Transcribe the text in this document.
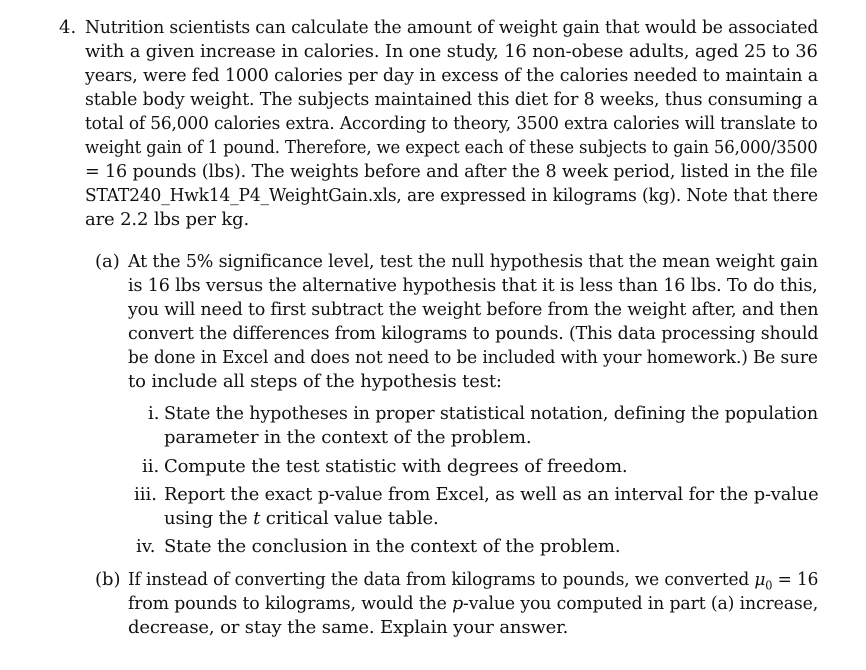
4. Nutrition scientists can calculate the amount of weight gain that would be associated
with a given increase in calories. In one study, 16 non-obese adults, aged 25 to 36
years, were fed 1000 calories per day in excess of the calories needed to maintain a
stable body weight. The subjects maintained this diet for 8 weeks, thus consuming a
total of 56,000 calories extra. According to theory, 3500 extra calories will translate to
weight gain of 1 pound. Therefore, we expect each of these subjects to gain 56,000/3500
= 16 pounds (lbs). The weights before and after the 8 week period, listed in the file
STAT240_Hwk14_P4_WeightGain.xls, are expressed in kilograms (kg). Note that there
are 2.2 lbs per kg.
(a) At the 5% significance level, test the null hypothesis that the mean weight gain
is 16 lbs versus the alternative hypothesis that it is less than 16 lbs. To do this,
you will need to first subtract the weight before from the weight after, and then
convert the differences from kilograms to pounds. (This data processing should
be done in Excel and does not need to be included with your homework.) Be sure
to include all steps of the hypothesis test:
i. State the hypotheses in proper statistical notation, defining the population
parameter in the context of the problem.
ii. Compute the test statistic with degrees of freedom.
iii. Report the exact p-value from Excel, as well as an interval for the p-value
using the t critical value table.
iv. State the conclusion in the context of the problem.
(b) If instead of converting the data from kilograms to pounds, we converted $\mu_0 = 16$
from pounds to kilograms, would the p-value you computed in part (a) increase,
decrease, or stay the same. Explain your answer.
